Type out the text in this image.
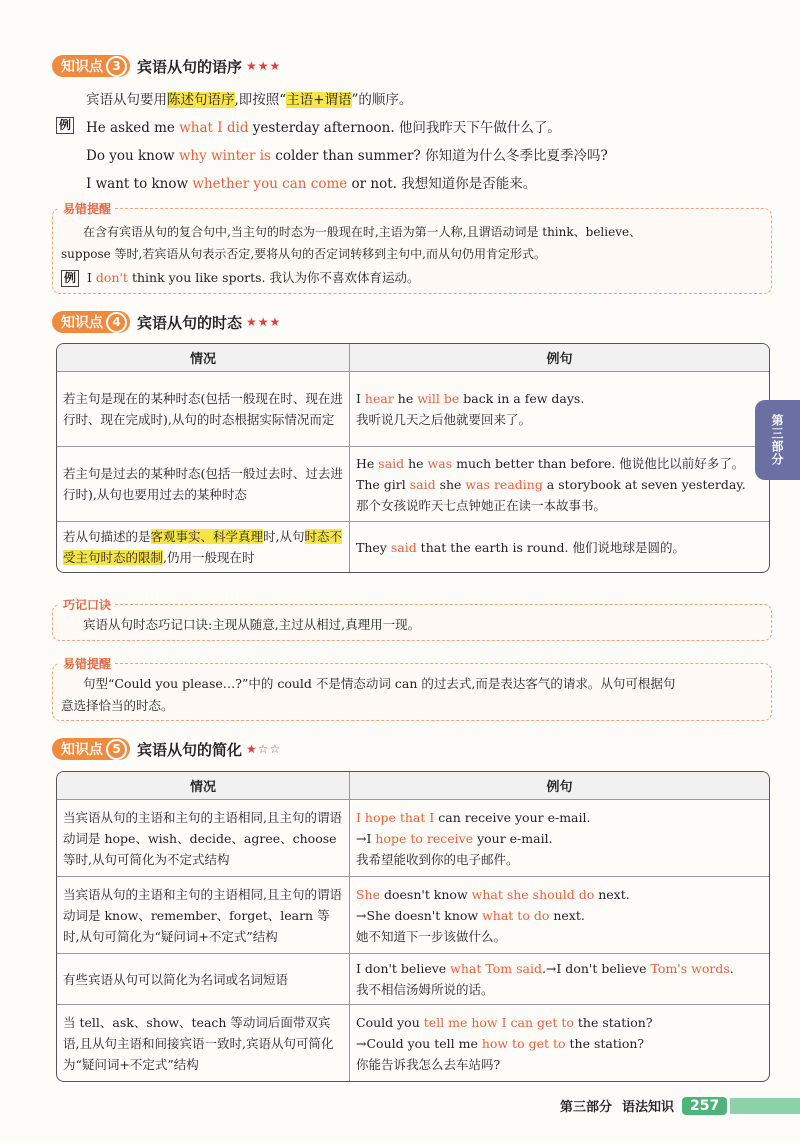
知识点 3	宾语从句的语序 ★★★
宾语从句要用陈述句语序,即按照“主语+谓语”的顺序。
例 He asked me what I did yesterday afternoon. 他问我昨天下午做什么了。
Do you know why winter is colder than summer? 你知道为什么冬季比夏季冷吗?
I want to know whether you can come or not. 我想知道你是否能来。
易错提醒
在含有宾语从句的复合句中,当主句的时态为一般现在时,主语为第一人称,且谓语动词是 think、believe、
suppose 等时,若宾语从句表示否定,要将从句的否定词转移到主句中,而从句仍用肯定形式。
例 I don't think you like sports. 我认为你不喜欢体育运动。
知识点 4	宾语从句的时态 ★★★
情况	例句
若主句是现在的某种时态(包括一般现在时、现在进行时、现在完成时),从句的时态根据实际情况而定	I hear he will be back in a few days.
我听说几天之后他就要回来了。

若主句是过去的某种时态(包括一般过去时、过去进行时),从句也要用过去的某种时态	He said he was much better than before. 他说他比以前好多了。
The girl said she was reading a storybook at seven yesterday.
那个女孩说昨天七点钟她正在读一本故事书。

若从句描述的是客观事实、科学真理时,从句时态不受主句时态的限制,仍用一般现在时	They said that the earth is round. 他们说地球是圆的。
巧记口诀
宾语从句时态巧记口诀:主现从随意,主过从相过,真理用一现。
易错提醒
句型“Could you please…?”中的 could 不是情态动词 can 的过去式,而是表达客气的请求。从句可根据句
意选择恰当的时态。
知识点 5	宾语从句的简化 ★☆☆
情况	例句
当宾语从句的主语和主句的主语相同,且主句的谓语动词是 hope、wish、decide、agree、choose 等时,从句可简化为不定式结构	I hope that I can receive your e-mail.
→I hope to receive your e-mail.
我希望能收到你的电子邮件。

当宾语从句的主语和主句的主语相同,且主句的谓语动词是 know、remember、forget、learn 等时,从句可简化为“疑问词+不定式”结构	She doesn't know what she should do next.
→She doesn't know what to do next.
她不知道下一步该做什么。

有些宾语从句可以简化为名词或名词短语	I don't believe what Tom said.→I don't believe Tom's words.
我不相信汤姆所说的话。

当 tell、ask、show、teach 等动词后面带双宾语,且从句主语和间接宾语一致时,宾语从句可简化为“疑问词+不定式”结构	Could you tell me how I can get to the station?
→Could you tell me how to get to the station?
你能告诉我怎么去车站吗?
第三部分
第三部分 语法知识	257
